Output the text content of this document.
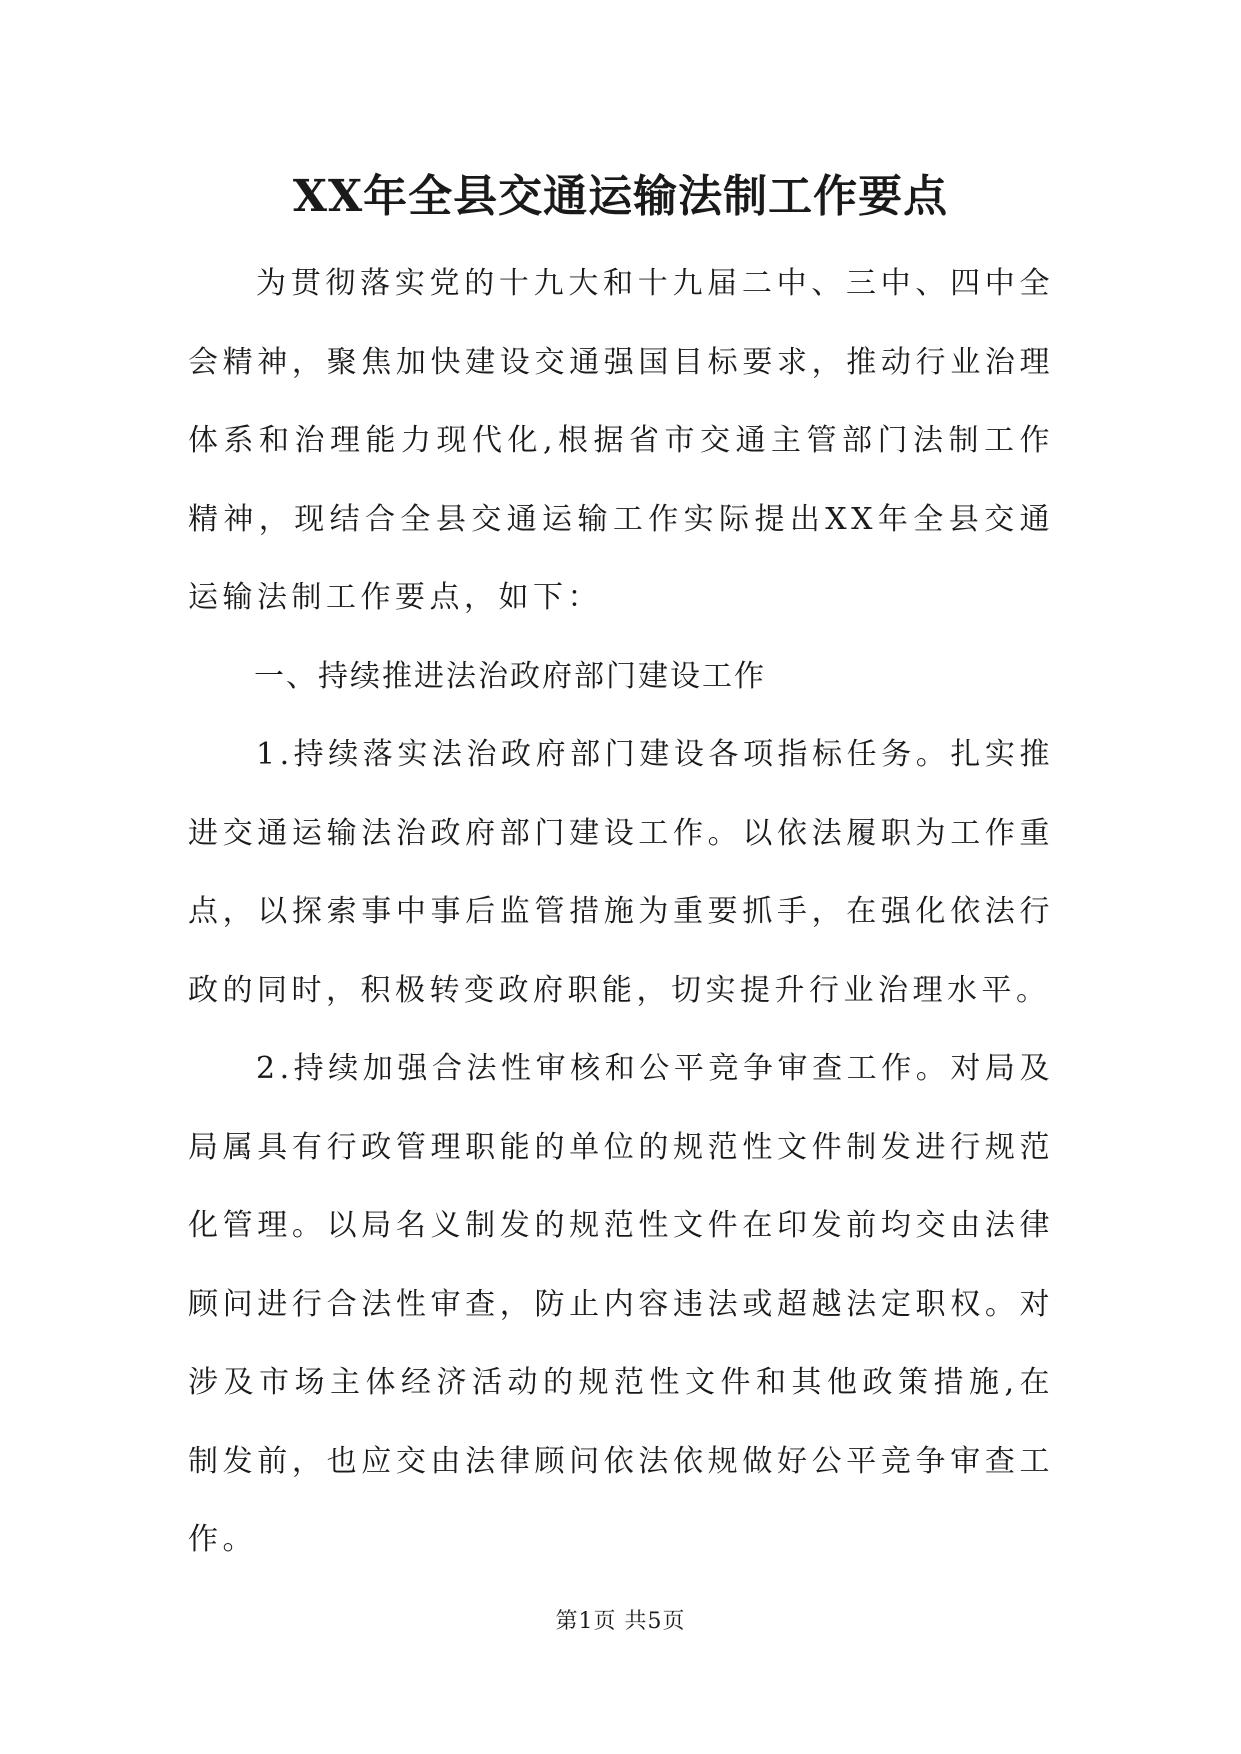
XX年全县交通运输法制工作要点

为贯彻落实党的十九大和十九届二中、三中、四中全会精神，聚焦加快建设交通强国目标要求，推动行业治理体系和治理能力现代化,根据省市交通主管部门法制工作精神，现结合全县交通运输工作实际提出XX年全县交通运输法制工作要点，如下：

一、持续推进法治政府部门建设工作

1.持续落实法治政府部门建设各项指标任务。扎实推进交通运输法治政府部门建设工作。以依法履职为工作重点，以探索事中事后监管措施为重要抓手，在强化依法行政的同时，积极转变政府职能，切实提升行业治理水平。

2.持续加强合法性审核和公平竞争审查工作。对局及局属具有行政管理职能的单位的规范性文件制发进行规范化管理。以局名义制发的规范性文件在印发前均交由法律顾问进行合法性审查，防止内容违法或超越法定职权。对涉及市场主体经济活动的规范性文件和其他政策措施,在制发前，也应交由法律顾问依法依规做好公平竞争审查工作。

第1页 共5页
